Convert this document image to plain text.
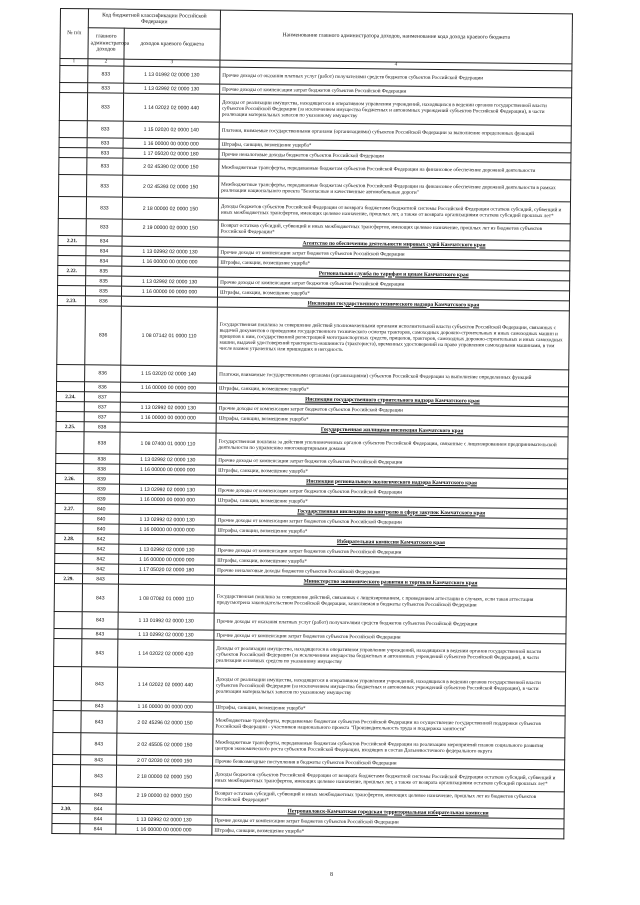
№ п/п	Код бюджетной классификации Российской Федерации		Наименование главного администратора доходов, наименование кода дохода краевого бюджета
	главного администратора доходов	доходов краевого бюджета	
1	2	3	4
	833	1 13 01992 02 0000 130	Прочие доходы от оказания платных услуг (работ) получателями средств бюджетов субъектов Российской Федерации
	833	1 13 02992 02 0000 130	Прочие доходы от компенсации затрат бюджетов субъектов Российской Федерации
	833	1 14 02022 02 0000 440	Доходы от реализации имущества, находящегося в оперативном управлении учреждений, находящихся в ведении органов государственной власти субъектов Российской Федерации (за исключением имущества бюджетных и автономных учреждений субъектов Российской Федерации), в части реализации материальных запасов по указанному имуществу
	833	1 15 02020 02 0000 140	Платежи, взимаемые государственными органами (организациями) субъектов Российской Федерации за выполнение определенных функций
	833	1 16 00000 00 0000 000	Штрафы, санкции, возмещение ущерба*
	833	1 17 05020 02 0000 180	Прочие неналоговые доходы бюджетов субъектов Российской Федерации
	833	2 02 45390 02 0000 150	Межбюджетные трансферты, передаваемые бюджетам субъектов Российской Федерации на финансовое обеспечение дорожной деятельности
	833	2 02 45393 02 0000 150	Межбюджетные трансферты, передаваемые бюджетам субъектов Российской Федерации на финансовое обеспечение дорожной деятельности в рамках реализации национального проекта "Безопасные и качественные автомобильные дороги"
	833	2 18 00000 02 0000 150	Доходы бюджетов субъектов Российской Федерации от возврата бюджетами бюджетной системы Российской Федерации остатков субсидий, субвенций и иных межбюджетных трансфертов, имеющих целевое назначение, прошлых лет, а также от возврата организациями остатков субсидий прошлых лет*
	833	2 19 00000 02 0000 150	Возврат остатков субсидий, субвенций и иных межбюджетных трансфертов, имеющих целевое назначение, прошлых лет из бюджетов субъектов Российской Федерации*
2.21.	834		Агентство по обеспечению деятельности мировых судей Камчатского края
	834	1 13 02992 02 0000 130	Прочие доходы от компенсации затрат бюджетов субъектов Российской Федерации
	834	1 16 00000 00 0000 000	Штрафы, санкции, возмещение ущерба*
2.22.	835		Региональная служба по тарифам и ценам Камчатского края
	835	1 13 02992 02 0000 130	Прочие доходы от компенсации затрат бюджетов субъектов Российской Федерации
	835	1 16 00000 00 0000 000	Штрафы, санкции, возмещение ущерба*
2.23.	836		Инспекция государственного технического надзора Камчатского края
	836	1 08 07142 01 0000 110	Государственная пошлина за совершение действий уполномоченными органами исполнительной власти субъектов Российской Федерации, связанных с выдачей документов о проведении государственного технического осмотра тракторов, самоходных дорожно-строительных и иных самоходных машин и прицепов к ним, государственной регистрацией мототранспортных средств, прицепов, тракторов, самоходных дорожно-строительных и иных самоходных машин, выдачей удостоверений тракториста-машиниста (тракториста), временных удостоверений на право управления самоходными машинами, в том числе взамен утраченных или пришедших в негодность
	836	1 15 02020 02 0000 140	Платежи, взимаемые государственными органами (организациями) субъектов Российской Федерации за выполнение определенных функций
	836	1 16 00000 00 0000 000	Штрафы, санкции, возмещение ущерба*
2.24.	837		Инспекция государственного строительного надзора Камчатского края
	837	1 13 02992 02 0000 130	Прочие доходы от компенсации затрат бюджетов субъектов Российской Федерации
	837	1 16 00000 00 0000 000	Штрафы, санкции, возмещение ущерба*
2.25.	838		Государственная жилищная инспекция Камчатского края
	838	1 08 07400 01 0000 110	Государственная пошлина за действия уполномоченных органов субъектов Российской Федерации, связанные с лицензированием предпринимательской деятельности по управлению многоквартирными домами
	838	1 13 02992 02 0000 130	Прочие доходы от компенсации затрат бюджетов субъектов Российской Федерации
	838	1 16 00000 00 0000 000	Штрафы, санкции, возмещение ущерба*
2.26.	839		Инспекция регионального экологического надзора Камчатского края
	839	1 13 02992 02 0000 130	Прочие доходы от компенсации затрат бюджетов субъектов Российской Федерации
	839	1 16 00000 00 0000 000	Штрафы, санкции, возмещение ущерба*
2.27.	840		Государственная инспекция по контролю в сфере закупок Камчатского края
	840	1 13 02992 02 0000 130	Прочие доходы от компенсации затрат бюджетов субъектов Российской Федерации
	840	1 16 00000 00 0000 000	Штрафы, санкции, возмещение ущерба*
2.28.	842		Избирательная комиссия Камчатского края
	842	1 13 02992 02 0000 130	Прочие доходы от компенсации затрат бюджетов субъектов Российской Федерации
	842	1 16 00000 00 0000 000	Штрафы, санкции, возмещение ущерба*
	842	1 17 05020 02 0000 180	Прочие неналоговые доходы бюджетов субъектов Российской Федерации
2.29.	843		Министерство экономического развития и торговли Камчатского края
	843	1 08 07082 01 0000 110	Государственная пошлина за совершение действий, связанных с лицензированием, с проведением аттестации в случаях, если такая аттестация предусмотрена законодательством Российской Федерации, зачисляемая в бюджеты субъектов Российской Федерации
	843	1 13 01992 02 0000 130	Прочие доходы от оказания платных услуг (работ) получателями средств бюджетов субъектов Российской Федерации
	843	1 13 02992 02 0000 130	Прочие доходы от компенсации затрат бюджетов субъектов Российской Федерации
	843	1 14 02022 02 0000 410	Доходы от реализации имущества, находящегося в оперативном управлении учреждений, находящихся в ведении органов государственной власти субъектов Российской Федерации (за исключением имущества бюджетных и автономных учреждений субъектов Российской Федерации), в части реализации основных средств по указанному имуществу
	843	1 14 02022 02 0000 440	Доходы от реализации имущества, находящегося в оперативном управлении учреждений, находящихся в ведении органов государственной власти субъектов Российской Федерации (за исключением имущества бюджетных и автономных учреждений субъектов Российской Федерации), в части реализации материальных запасов по указанному имуществу
	843	1 16 00000 00 0000 000	Штрафы, санкции, возмещение ущерба*
	843	2 02 45296 02 0000 150	Межбюджетные трансферты, передаваемые бюджетам субъектов Российской Федерации на осуществление государственной поддержки субъектов Российской Федерации - участников национального проекта "Производительность труда и поддержка занятости"
	843	2 02 45505 02 0000 150	Межбюджетные трансферты, передаваемые бюджетам субъектов Российской Федерации на реализацию мероприятий планов социального развития центров экономического роста субъектов Российской Федерации, входящих в состав Дальневосточного федерального округа
	843	2 07 02030 02 0000 150	Прочие безвозмездные поступления в бюджеты субъектов Российской Федерации
	843	2 18 00000 02 0000 150	Доходы бюджетов субъектов Российской Федерации от возврата бюджетами бюджетной системы Российской Федерации остатков субсидий, субвенций и иных межбюджетных трансфертов, имеющих целевое назначение, прошлых лет, а также от возврата организациями остатков субсидий прошлых лет*
	843	2 19 00000 02 0000 150	Возврат остатков субсидий, субвенций и иных межбюджетных трансфертов, имеющих целевое назначение, прошлых лет из бюджетов субъектов Российской Федерации*
2.30.	844		Петропавловск-Камчатская городская территориальная избирательная комиссия
	844	1 13 02992 02 0000 130	Прочие доходы от компенсации затрат бюджетов субъектов Российской Федерации
	844	1 16 00000 00 0000 000	Штрафы, санкции, возмещение ущерба*
8
